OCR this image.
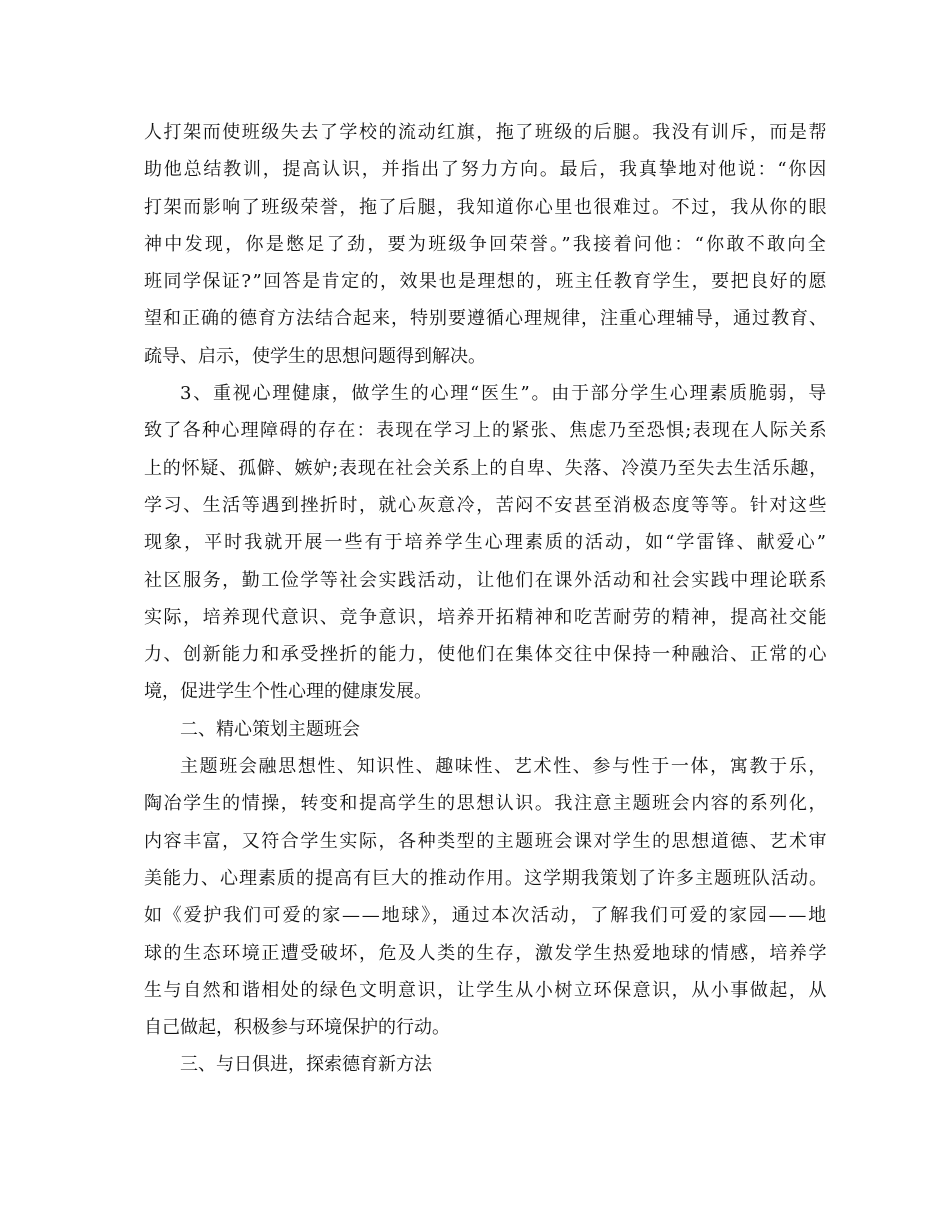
人打架而使班级失去了学校的流动红旗，拖了班级的后腿。我没有训斥，而是帮
助他总结教训，提高认识，并指出了努力方向。最后，我真挚地对他说：“你因
打架而影响了班级荣誉，拖了后腿，我知道你心里也很难过。不过，我从你的眼
神中发现，你是憋足了劲，要为班级争回荣誉。”我接着问他：“你敢不敢向全
班同学保证?”回答是肯定的，效果也是理想的，班主任教育学生，要把良好的愿
望和正确的德育方法结合起来，特别要遵循心理规律，注重心理辅导，通过教育、
疏导、启示，使学生的思想问题得到解决。
3、重视心理健康，做学生的心理“医生”。由于部分学生心理素质脆弱，导
致了各种心理障碍的存在：表现在学习上的紧张、焦虑乃至恐惧;表现在人际关系
上的怀疑、孤僻、嫉妒;表现在社会关系上的自卑、失落、冷漠乃至失去生活乐趣，
学习、生活等遇到挫折时，就心灰意冷，苦闷不安甚至消极态度等等。针对这些
现象，平时我就开展一些有于培养学生心理素质的活动，如“学雷锋、献爱心”
社区服务，勤工俭学等社会实践活动，让他们在课外活动和社会实践中理论联系
实际，培养现代意识、竞争意识，培养开拓精神和吃苦耐劳的精神，提高社交能
力、创新能力和承受挫折的能力，使他们在集体交往中保持一种融洽、正常的心
境，促进学生个性心理的健康发展。
二、精心策划主题班会
主题班会融思想性、知识性、趣味性、艺术性、参与性于一体，寓教于乐，
陶冶学生的情操，转变和提高学生的思想认识。我注意主题班会内容的系列化，
内容丰富，又符合学生实际，各种类型的主题班会课对学生的思想道德、艺术审
美能力、心理素质的提高有巨大的推动作用。这学期我策划了许多主题班队活动。
如《爱护我们可爱的家——地球》，通过本次活动，了解我们可爱的家园——地
球的生态环境正遭受破坏，危及人类的生存，激发学生热爱地球的情感，培养学
生与自然和谐相处的绿色文明意识，让学生从小树立环保意识，从小事做起，从
自己做起，积极参与环境保护的行动。
三、与日俱进，探索德育新方法
